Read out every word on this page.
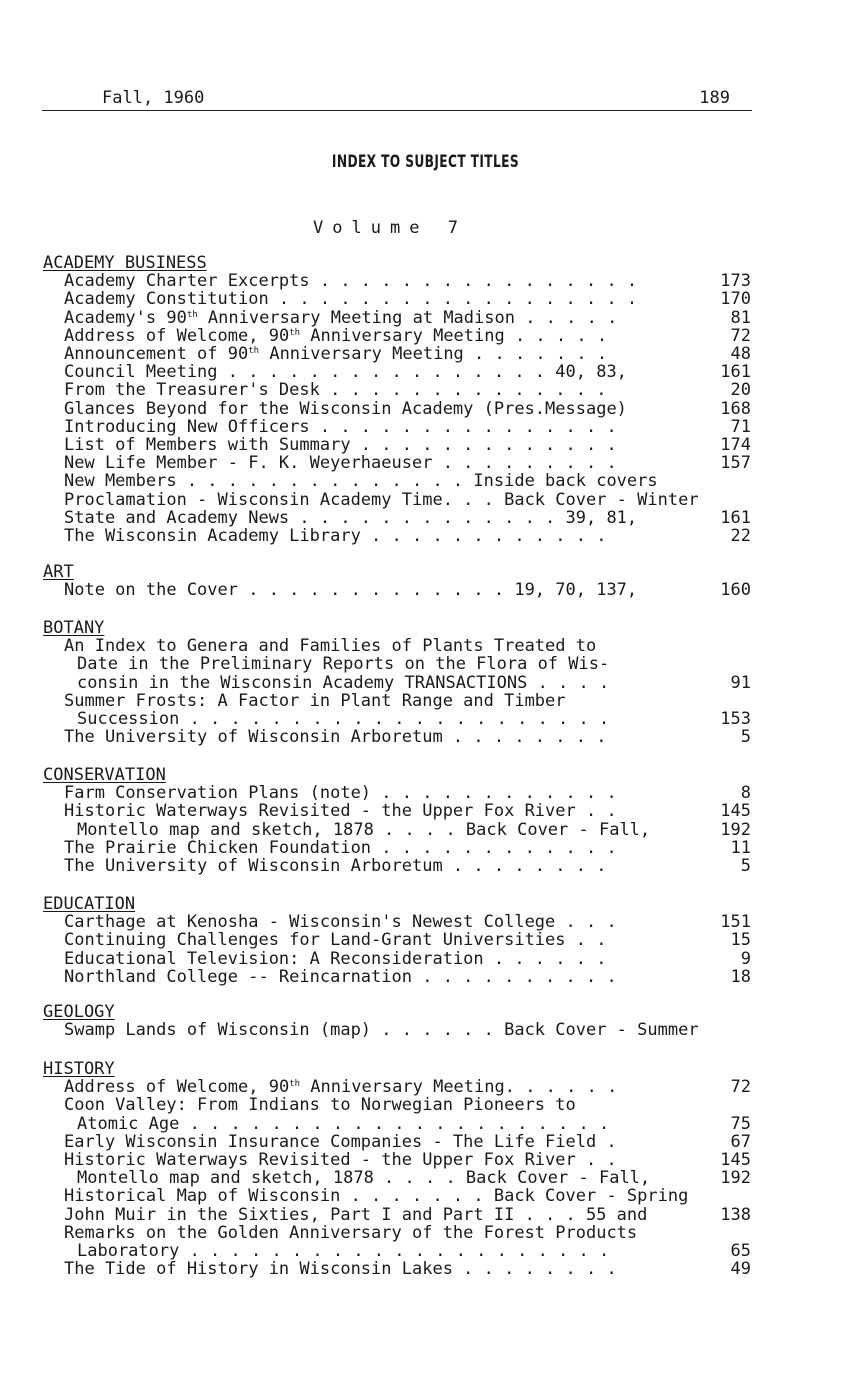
Fall, 1960	189
INDEX TO SUBJECT TITLES
Volume 7
ACADEMY BUSINESS
Academy Charter Excerpts . . . . . . . . . . . . . . . .	173
Academy Constitution . . . . . . . . . . . . . . . . . .	170
Academy's 90th Anniversary Meeting at Madison . . . . .	81
Address of Welcome, 90th Anniversary Meeting . . . . .	72
Announcement of 90th Anniversary Meeting . . . . . . .	48
Council Meeting . . . . . . . . . . . . . . . . 40, 83,	161
From the Treasurer's Desk . . . . . . . . . . . . . .	20
Glances Beyond for the Wisconsin Academy (Pres.Message)	168
Introducing New Officers . . . . . . . . . . . . . . .	71
List of Members with Summary . . . . . . . . . . . . .	174
New Life Member - F. K. Weyerhaeuser . . . . . . . . .	157
New Members . . . . . . . . . . . . . . Inside back covers
Proclamation - Wisconsin Academy Time. . . Back Cover - Winter
State and Academy News . . . . . . . . . . . . . 39, 81,	161
The Wisconsin Academy Library . . . . . . . . . . . .	22
ART
Note on the Cover . . . . . . . . . . . . . 19, 70, 137,	160
BOTANY
An Index to Genera and Families of Plants Treated to
Date in the Preliminary Reports on the Flora of Wis-
consin in the Wisconsin Academy TRANSACTIONS . . . .	91
Summer Frosts: A Factor in Plant Range and Timber
Succession . . . . . . . . . . . . . . . . . . . . .	153
The University of Wisconsin Arboretum . . . . . . . .	5
CONSERVATION
Farm Conservation Plans (note) . . . . . . . . . . . .	8
Historic Waterways Revisited - the Upper Fox River . .	145
Montello map and sketch, 1878 . . . . Back Cover - Fall,	192
The Prairie Chicken Foundation . . . . . . . . . . . .	11
The University of Wisconsin Arboretum . . . . . . . .	5
EDUCATION
Carthage at Kenosha - Wisconsin's Newest College . . .	151
Continuing Challenges for Land-Grant Universities . .	15
Educational Television: A Reconsideration . . . . . .	9
Northland College -- Reincarnation . . . . . . . . . .	18
GEOLOGY
Swamp Lands of Wisconsin (map) . . . . . . Back Cover - Summer
HISTORY
Address of Welcome, 90th Anniversary Meeting. . . . . .	72
Coon Valley: From Indians to Norwegian Pioneers to
Atomic Age . . . . . . . . . . . . . . . . . . . . .	75
Early Wisconsin Insurance Companies - The Life Field .	67
Historic Waterways Revisited - the Upper Fox River . .	145
Montello map and sketch, 1878 . . . . Back Cover - Fall,	192
Historical Map of Wisconsin . . . . . . . Back Cover - Spring
John Muir in the Sixties, Part I and Part II . . . 55 and	138
Remarks on the Golden Anniversary of the Forest Products
Laboratory . . . . . . . . . . . . . . . . . . . . .	65
The Tide of History in Wisconsin Lakes . . . . . . . .	49
